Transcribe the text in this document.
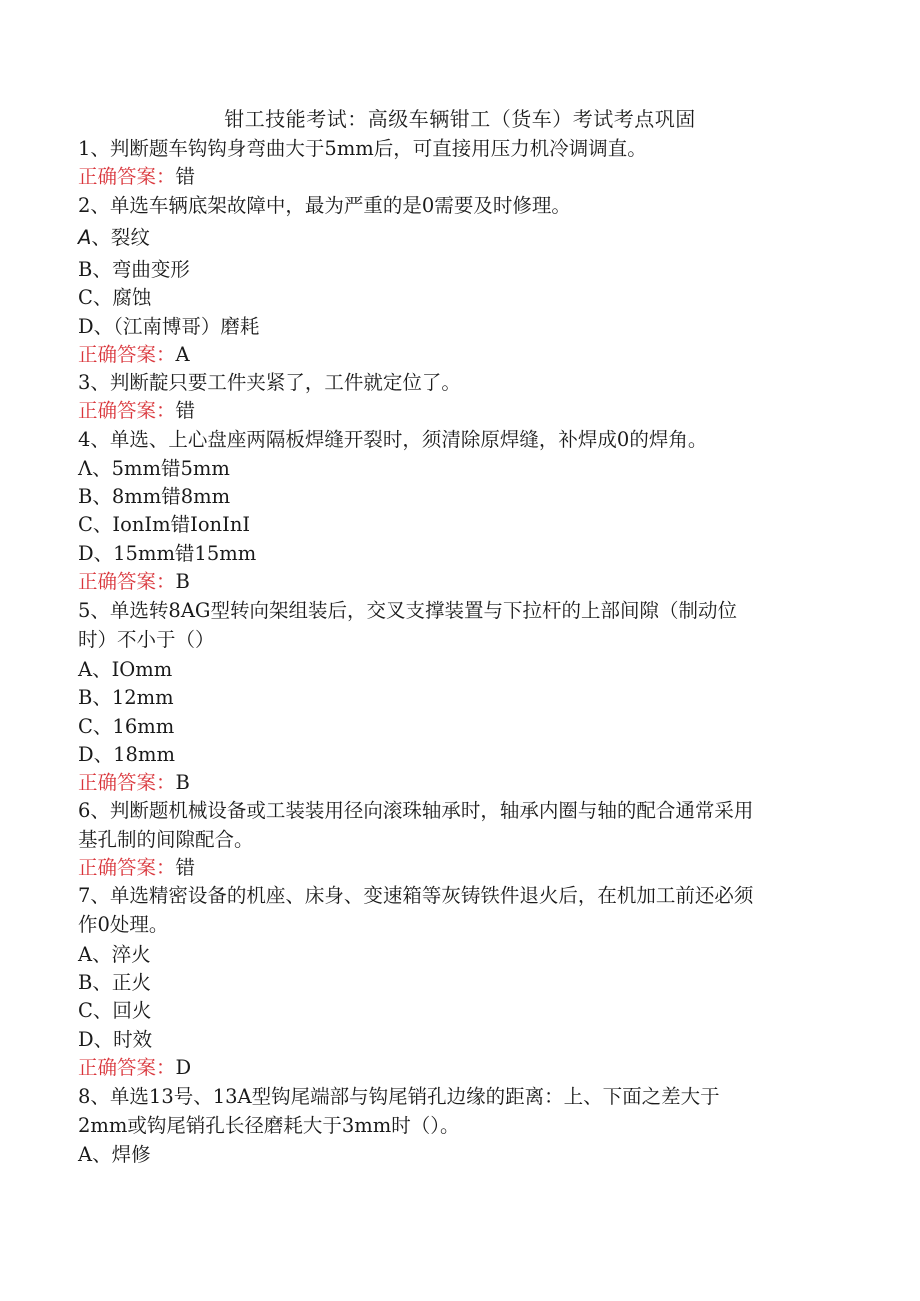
钳工技能考试：高级车辆钳工（货车）考试考点巩固
1、判断题车钩钩身弯曲大于5mm后，可直接用压力机冷调调直。
正确答案：错
2、单选车辆底架故障中，最为严重的是0需要及时修理。
A、裂纹
B、弯曲变形
C、腐蚀
D、（江南博哥）磨耗
正确答案：A
3、判断靛只要工件夹紧了，工件就定位了。
正确答案：错
4、单选、上心盘座两隔板焊缝开裂时，须清除原焊缝，补焊成0的焊角。
Λ、5mm错5mm
B、8mm错8mm
C、IonIm错IonInI
D、15mm错15mm
正确答案：B
5、单选转8AG型转向架组装后，交叉支撑装置与下拉杆的上部间隙（制动位
时）不小于（）
A、IOmm
B、12mm
C、16mm
D、18mm
正确答案：B
6、判断题机械设备或工装装用径向滚珠轴承时，轴承内圈与轴的配合通常采用
基孔制的间隙配合。
正确答案：错
7、单选精密设备的机座、床身、变速箱等灰铸铁件退火后，在机加工前还必须
作0处理。
A、淬火
B、正火
C、回火
D、时效
正确答案：D
8、单选13号、13A型钩尾端部与钩尾销孔边缘的距离：上、下面之差大于
2mm或钩尾销孔长径磨耗大于3mm时（）。
A、焊修
